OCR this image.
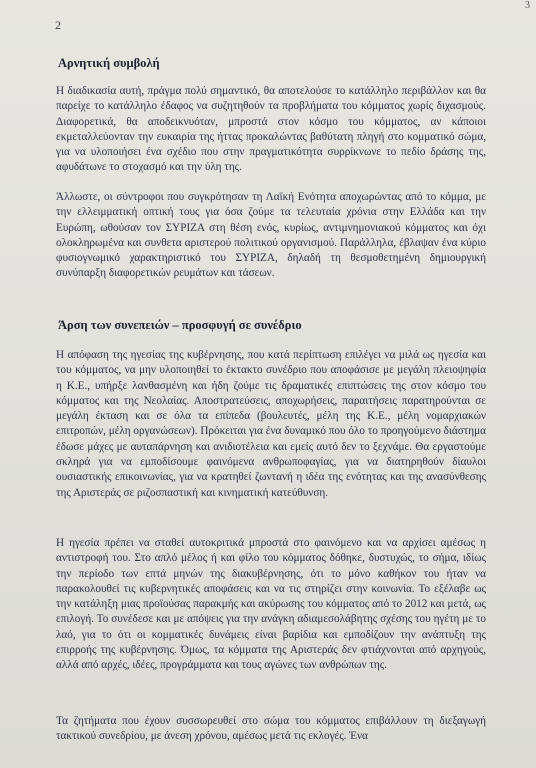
2
3
Αρνητική συμβολή

Η διαδικασία αυτή, πράγμα πολύ σημαντικό, θα αποτελούσε το κατάλληλο περιβάλλον και θα παρείχε το κατάλληλο έδαφος να συζητηθούν τα προβλήματα του κόμματος χωρίς διχασμούς. Διαφορετικά, θα αποδεικνυόταν, μπροστά στον κόσμο του κόμματος, αν κάποιοι εκμεταλλεύονταν την ευκαιρία της ήττας προκαλώντας βαθύτατη πληγή στο κομματικό σώμα, για να υλοποιήσει ένα σχέδιο που στην πραγματικότητα συρρίκνωνε το πεδίο δράσης της, αφυδάτωνε το στοχασμό και την ύλη της.

Άλλωστε, οι σύντροφοι που συγκρότησαν τη Λαϊκή Ενότητα αποχωρώντας από το κόμμα, με την ελλειμματική οπτική τους για όσα ζούμε τα τελευταία χρόνια στην Ελλάδα και την Ευρώπη, ωθούσαν τον ΣΥΡΙΖΑ στη θέση ενός, κυρίως, αντιμνημονιακού κόμματος και όχι ολοκληρωμένα και συνθετα αριστερού πολιτικού οργανισμού. Παράλληλα, έβλαψαν ένα κύριο φυσιογνωμικό χαρακτηριστικό του ΣΥΡΙΖΑ, δηλαδή τη θεσμοθετημένη δημιουργική συνύπαρξη διαφορετικών ρευμάτων και τάσεων.

Άρση των συνεπειών – προσφυγή σε συνέδριο

Η απόφαση της ηγεσίας της κυβέρνησης, που κατά περίπτωση επιλέγει να μιλά ως ηγεσία και του κόμματος, να μην υλοποιηθεί το έκτακτο συνέδριο που αποφάσισε με μεγάλη πλειοψηφία η Κ.Ε., υπήρξε λανθασμένη και ήδη ζούμε τις δραματικές επιπτώσεις της στον κόσμο του κόμματος και της Νεολαίας. Αποστρατεύσεις, αποχωρήσεις, παραιτήσεις παρατηρούνται σε μεγάλη έκταση και σε όλα τα επίπεδα (βουλευτές, μέλη της Κ.Ε., μέλη νομαρχιακών επιτροπών, μέλη οργανώσεων). Πρόκειται για ένα δυναμικό που όλο το προηγούμενο διάστημα έδωσε μάχες με αυταπάρνηση και ανιδιοτέλεια και εμείς αυτό δεν το ξεχνάμε. Θα εργαστούμε σκληρά για να εμποδίσουμε φαινόμενα ανθρωποφαγίας, για να διατηρηθούν δίαυλοι ουσιαστικής επικοινωνίας, για να κρατηθεί ζωντανή η ιδέα της ενότητας και της ανασύνθεσης της Αριστεράς σε ριζοσπαστική και κινηματική κατεύθυνση.

Η ηγεσία πρέπει να σταθεί αυτοκριτικά μπροστά στο φαινόμενο και να αρχίσει αμέσως η αντιστροφή του. Στο απλό μέλος ή και φίλο του κόμματος δόθηκε, δυστυχώς, το σήμα, ιδίως την περίοδο των επτά μηνών της διακυβέρνησης, ότι το μόνο καθήκον του ήταν να παρακολουθεί τις κυβερνητικές αποφάσεις και να τις στηρίζει στην κοινωνία. Το εξέλαβε ως την κατάληξη μιας προϊούσας παρακμής και ακύρωσης του κόμματος από το 2012 και μετά, ως επιλογή. Το συνέδεσε και με απόψεις για την ανάγκη αδιαμεσολάβητης σχέσης του ηγέτη με το λαό, για το ότι οι κομματικές δυνάμεις είναι βαρίδια και εμποδίζουν την ανάπτυξη της επιρροής της κυβέρνησης. Όμως, τα κόμματα της Αριστεράς δεν φτιάχνονται από αρχηγούς, αλλά από αρχές, ιδέες, προγράμματα και τους αγώνες των ανθρώπων της.

Τα ζητήματα που έχουν συσσωρευθεί στο σώμα του κόμματος επιβάλλουν τη διεξαγωγή τακτικού συνεδρίου, με άνεση χρόνου, αμέσως μετά τις εκλογές. Ένα
